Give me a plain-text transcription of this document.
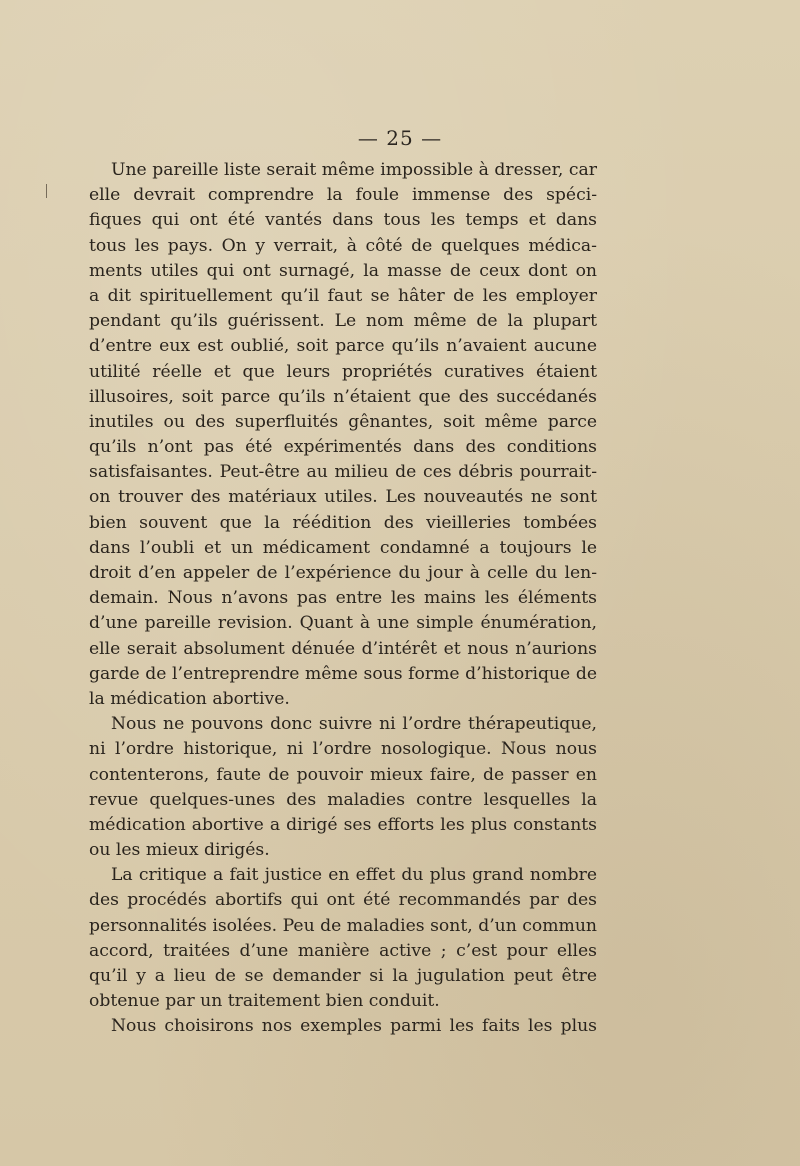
— 25 —
Une pareille liste serait même impossible à dresser, car
elle devrait comprendre la foule immense des spéci-
fiques qui ont été vantés dans tous les temps et dans
tous les pays. On y verrait, à côté de quelques médica-
ments utiles qui ont surnagé, la masse de ceux dont on
a dit spirituellement qu’il faut se hâter de les employer
pendant qu’ils guérissent. Le nom même de la plupart
d’entre eux est oublié, soit parce qu’ils n’avaient aucune
utilité réelle et que leurs propriétés curatives étaient
illusoires, soit parce qu’ils n’étaient que des succédanés
inutiles ou des superfluités gênantes, soit même parce
qu’ils n’ont pas été expérimentés dans des conditions
satisfaisantes. Peut-être au milieu de ces débris pourrait-
on trouver des matériaux utiles. Les nouveautés ne sont
bien souvent que la réédition des vieilleries tombées
dans l’oubli et un médicament condamné a toujours le
droit d’en appeler de l’expérience du jour à celle du len-
demain. Nous n’avons pas entre les mains les éléments
d’une pareille revision. Quant à une simple énumération,
elle serait absolument dénuée d’intérêt et nous n’aurions
garde de l’entreprendre même sous forme d’historique de
la médication abortive.
Nous ne pouvons donc suivre ni l’ordre thérapeutique,
ni l’ordre historique, ni l’ordre nosologique. Nous nous
contenterons, faute de pouvoir mieux faire, de passer en
revue quelques-unes des maladies contre lesquelles la
médication abortive a dirigé ses efforts les plus constants
ou les mieux dirigés.
La critique a fait justice en effet du plus grand nombre
des procédés abortifs qui ont été recommandés par des
personnalités isolées. Peu de maladies sont, d’un commun
accord, traitées d’une manière active ; c’est pour elles
qu’il y a lieu de se demander si la jugulation peut être
obtenue par un traitement bien conduit.
Nous choisirons nos exemples parmi les faits les plus
